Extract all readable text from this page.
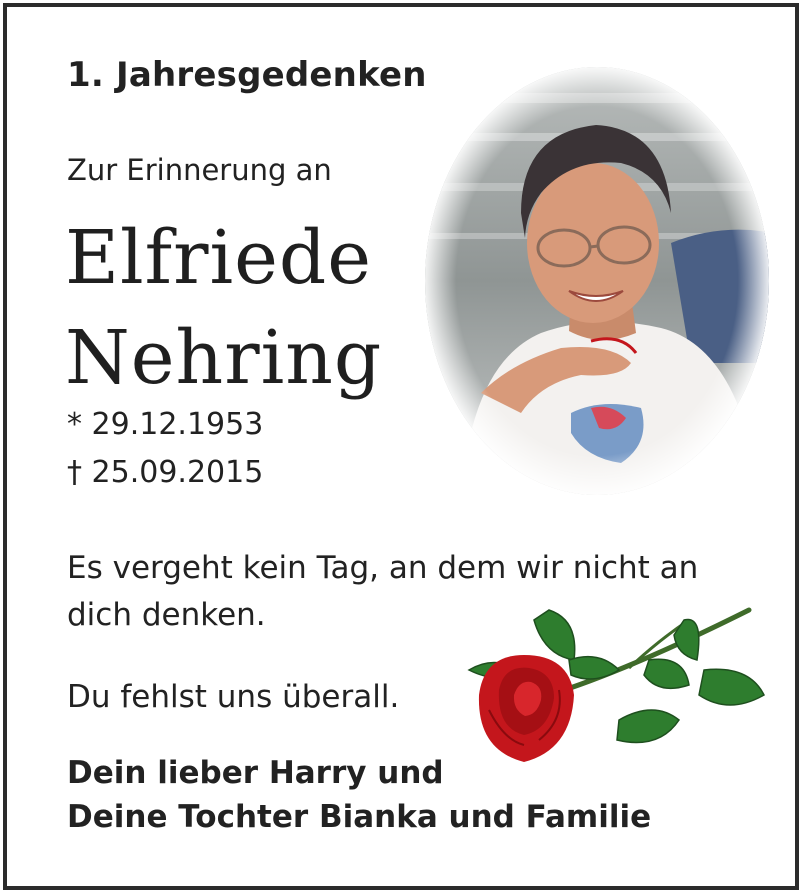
1. Jahresgedenken
Zur Erinnerung an
Elfriede
Nehring
* 29.12.1953
† 25.09.2015
Es vergeht kein Tag, an dem wir nicht an dich denken.
Du fehlst uns überall.
Dein lieber Harry und
Deine Tochter Bianka und Familie
